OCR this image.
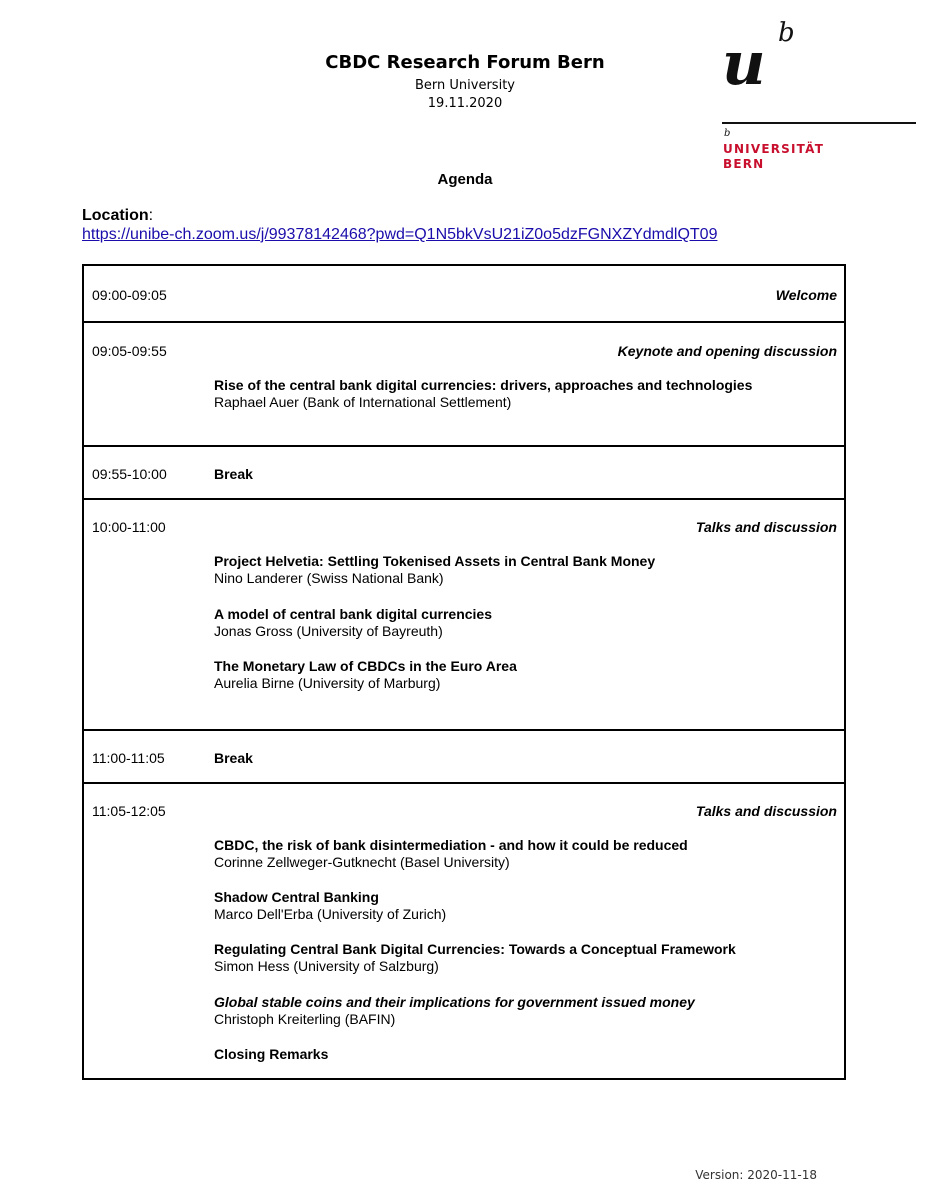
CBDC Research Forum Bern
Bern University
19.11.2020
u b
b
UNIVERSITÄT
BERN
Agenda
Location:
https://unibe-ch.zoom.us/j/99378142468?pwd=Q1N5bkVsU21iZ0o5dzFGNXZYdmdlQT09
09:00-09:05	Welcome
09:05-09:55	Keynote and opening discussion
Rise of the central bank digital currencies: drivers, approaches and technologies
Raphael Auer (Bank of International Settlement)
09:55-10:00	Break
10:00-11:00	Talks and discussion
Project Helvetia: Settling Tokenised Assets in Central Bank Money
Nino Landerer (Swiss National Bank)
A model of central bank digital currencies
Jonas Gross (University of Bayreuth)
The Monetary Law of CBDCs in the Euro Area
Aurelia Birne (University of Marburg)
11:00-11:05	Break
11:05-12:05	Talks and discussion
CBDC, the risk of bank disintermediation - and how it could be reduced
Corinne Zellweger-Gutknecht (Basel University)
Shadow Central Banking
Marco Dell'Erba (University of Zurich)
Regulating Central Bank Digital Currencies: Towards a Conceptual Framework
Simon Hess (University of Salzburg)
Global stable coins and their implications for government issued money
Christoph Kreiterling (BAFIN)
Closing Remarks
Version: 2020-11-18
